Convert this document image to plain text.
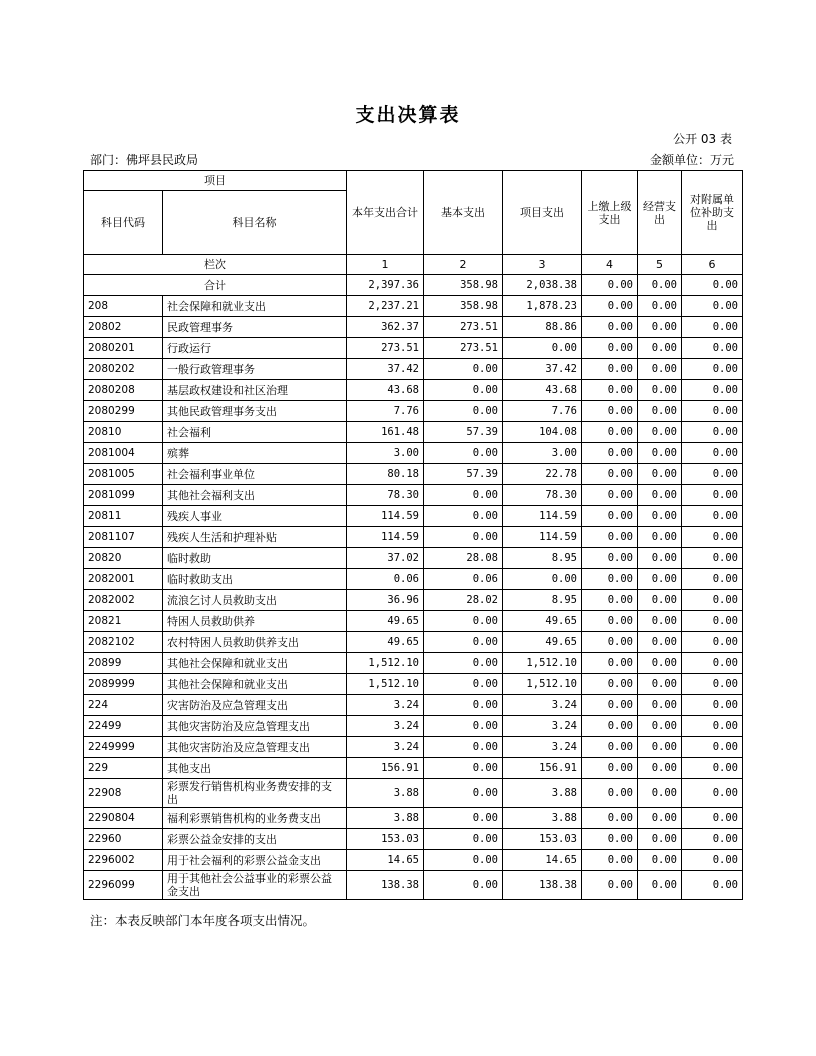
支出决算表
公开 03 表
部门：佛坪县民政局	金额单位：万元
项目		本年支出合计	基本支出	项目支出	上缴上级支出	经营支出	对附属单位补助支出
科目代码	科目名称						
栏次		1	2	3	4	5	6
合计		2,397.36	358.98	2,038.38	0.00	0.00	0.00
208	社会保障和就业支出	2,237.21	358.98	1,878.23	0.00	0.00	0.00
20802	民政管理事务	362.37	273.51	88.86	0.00	0.00	0.00
2080201	行政运行	273.51	273.51	0.00	0.00	0.00	0.00
2080202	一般行政管理事务	37.42	0.00	37.42	0.00	0.00	0.00
2080208	基层政权建设和社区治理	43.68	0.00	43.68	0.00	0.00	0.00
2080299	其他民政管理事务支出	7.76	0.00	7.76	0.00	0.00	0.00
20810	社会福利	161.48	57.39	104.08	0.00	0.00	0.00
2081004	殡葬	3.00	0.00	3.00	0.00	0.00	0.00
2081005	社会福利事业单位	80.18	57.39	22.78	0.00	0.00	0.00
2081099	其他社会福利支出	78.30	0.00	78.30	0.00	0.00	0.00
20811	残疾人事业	114.59	0.00	114.59	0.00	0.00	0.00
2081107	残疾人生活和护理补贴	114.59	0.00	114.59	0.00	0.00	0.00
20820	临时救助	37.02	28.08	8.95	0.00	0.00	0.00
2082001	临时救助支出	0.06	0.06	0.00	0.00	0.00	0.00
2082002	流浪乞讨人员救助支出	36.96	28.02	8.95	0.00	0.00	0.00
20821	特困人员救助供养	49.65	0.00	49.65	0.00	0.00	0.00
2082102	农村特困人员救助供养支出	49.65	0.00	49.65	0.00	0.00	0.00
20899	其他社会保障和就业支出	1,512.10	0.00	1,512.10	0.00	0.00	0.00
2089999	其他社会保障和就业支出	1,512.10	0.00	1,512.10	0.00	0.00	0.00
224	灾害防治及应急管理支出	3.24	0.00	3.24	0.00	0.00	0.00
22499	其他灾害防治及应急管理支出	3.24	0.00	3.24	0.00	0.00	0.00
2249999	其他灾害防治及应急管理支出	3.24	0.00	3.24	0.00	0.00	0.00
229	其他支出	156.91	0.00	156.91	0.00	0.00	0.00
22908	彩票发行销售机构业务费安排的支出	3.88	0.00	3.88	0.00	0.00	0.00
2290804	福利彩票销售机构的业务费支出	3.88	0.00	3.88	0.00	0.00	0.00
22960	彩票公益金安排的支出	153.03	0.00	153.03	0.00	0.00	0.00
2296002	用于社会福利的彩票公益金支出	14.65	0.00	14.65	0.00	0.00	0.00
2296099	用于其他社会公益事业的彩票公益金支出	138.38	0.00	138.38	0.00	0.00	0.00
注：本表反映部门本年度各项支出情况。
